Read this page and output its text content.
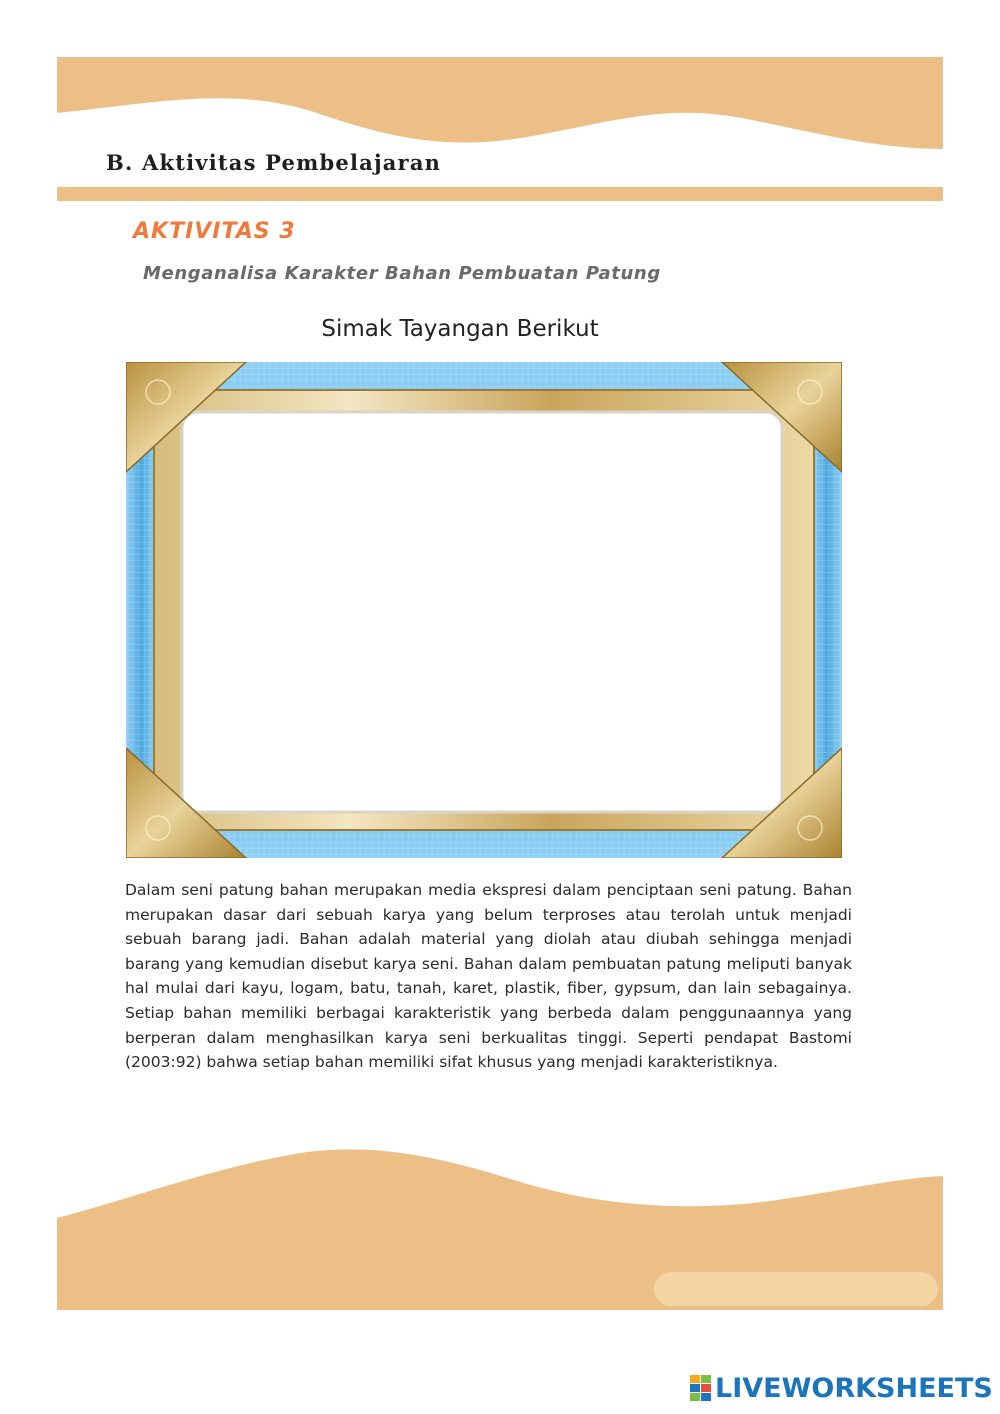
B. Aktivitas Pembelajaran
AKTIVITAS 3
Menganalisa Karakter Bahan Pembuatan Patung
Simak Tayangan Berikut

Dalam seni patung bahan merupakan media ekspresi dalam penciptaan seni patung. Bahan merupakan dasar dari sebuah karya yang belum terproses atau terolah untuk menjadi sebuah barang jadi. Bahan adalah material yang diolah atau diubah sehingga menjadi barang yang kemudian disebut karya seni. Bahan dalam pembuatan patung meliputi banyak hal mulai dari kayu, logam, batu, tanah, karet, plastik, fiber, gypsum, dan lain sebagainya. Setiap bahan memiliki berbagai karakteristik yang berbeda dalam penggunaannya yang berperan dalam menghasilkan karya seni berkualitas tinggi. Seperti pendapat Bastomi (2003:92) bahwa setiap bahan memiliki sifat khusus yang menjadi karakteristiknya.

LIVEWORKSHEETS
